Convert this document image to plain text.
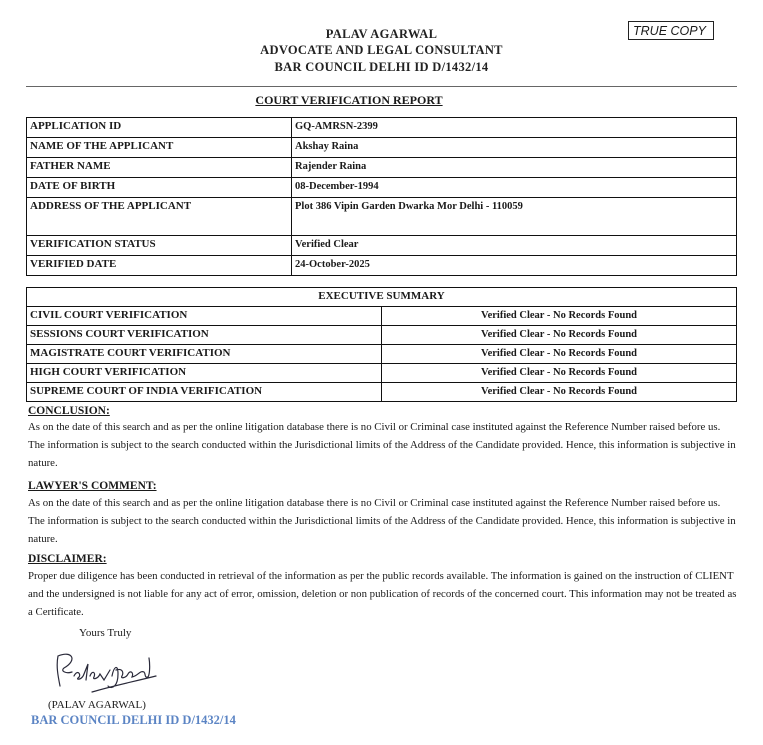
PALAV AGARWAL
ADVOCATE AND LEGAL CONSULTANT
BAR COUNCIL DELHI ID D/1432/14
TRUE COPY
COURT VERIFICATION REPORT
APPLICATION ID	GQ-AMRSN-2399
NAME OF THE APPLICANT	Akshay Raina
FATHER NAME	Rajender Raina
DATE OF BIRTH	08-December-1994
ADDRESS OF THE APPLICANT	Plot 386 Vipin Garden Dwarka Mor Delhi - 110059
VERIFICATION STATUS	Verified Clear
VERIFIED DATE	24-October-2025
EXECUTIVE SUMMARY	
CIVIL COURT VERIFICATION	Verified Clear - No Records Found
SESSIONS COURT VERIFICATION	Verified Clear - No Records Found
MAGISTRATE COURT VERIFICATION	Verified Clear - No Records Found
HIGH COURT VERIFICATION	Verified Clear - No Records Found
SUPREME COURT OF INDIA VERIFICATION	Verified Clear - No Records Found
CONCLUSION:
As on the date of this search and as per the online litigation database there is no Civil or Criminal case instituted against the Reference Number raised before us. The information is subject to the search conducted within the Jurisdictional limits of the Address of the Candidate provided. Hence, this information is subjective in nature.
LAWYER'S COMMENT:
As on the date of this search and as per the online litigation database there is no Civil or Criminal case instituted against the Reference Number raised before us. The information is subject to the search conducted within the Jurisdictional limits of the Address of the Candidate provided. Hence, this information is subjective in nature.
DISCLAIMER:
Proper due diligence has been conducted in retrieval of the information as per the public records available. The information is gained on the instruction of CLIENT and the undersigned is not liable for any act of error, omission, deletion or non publication of records of the concerned court. This information may not be treated as a Certificate.
Yours Truly
(PALAV AGARWAL)
BAR COUNCIL DELHI ID D/1432/14
